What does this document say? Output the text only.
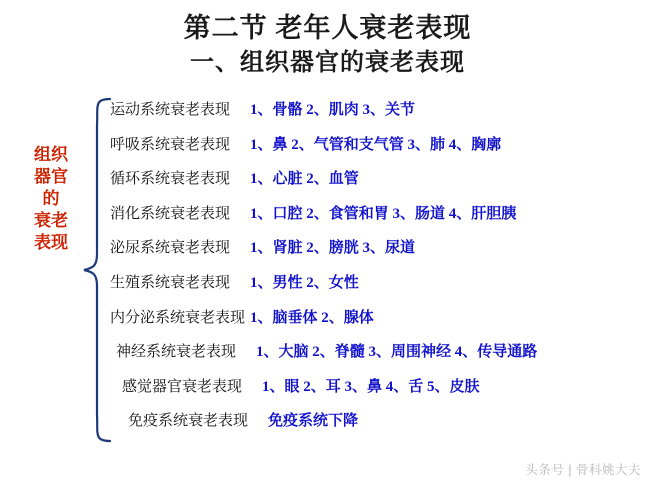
第二节 老年人衰老表现
一、组织器官的衰老表现
组织器官的 衰老表现
运动系统衰老表现	1、骨骼 2、肌肉 3、关节
呼吸系统衰老表现	1、鼻 2、气管和支气管 3、肺 4、胸廓
循环系统衰老表现	1、心脏 2、血管
消化系统衰老表现	1、口腔 2、食管和胃 3、肠道 4、肝胆胰
泌尿系统衰老表现	1、肾脏 2、膀胱 3、尿道
生殖系统衰老表现	1、男性 2、女性
内分泌系统衰老表现 1、脑垂体 2、腺体
神经系统衰老表现	1、大脑 2、脊髓 3、周围神经 4、传导通路
感觉器官衰老表现	1、眼 2、耳 3、鼻 4、舌 5、皮肤
免疫系统衰老表现	免疫系统下降
头条号 | 骨科姚大夫
